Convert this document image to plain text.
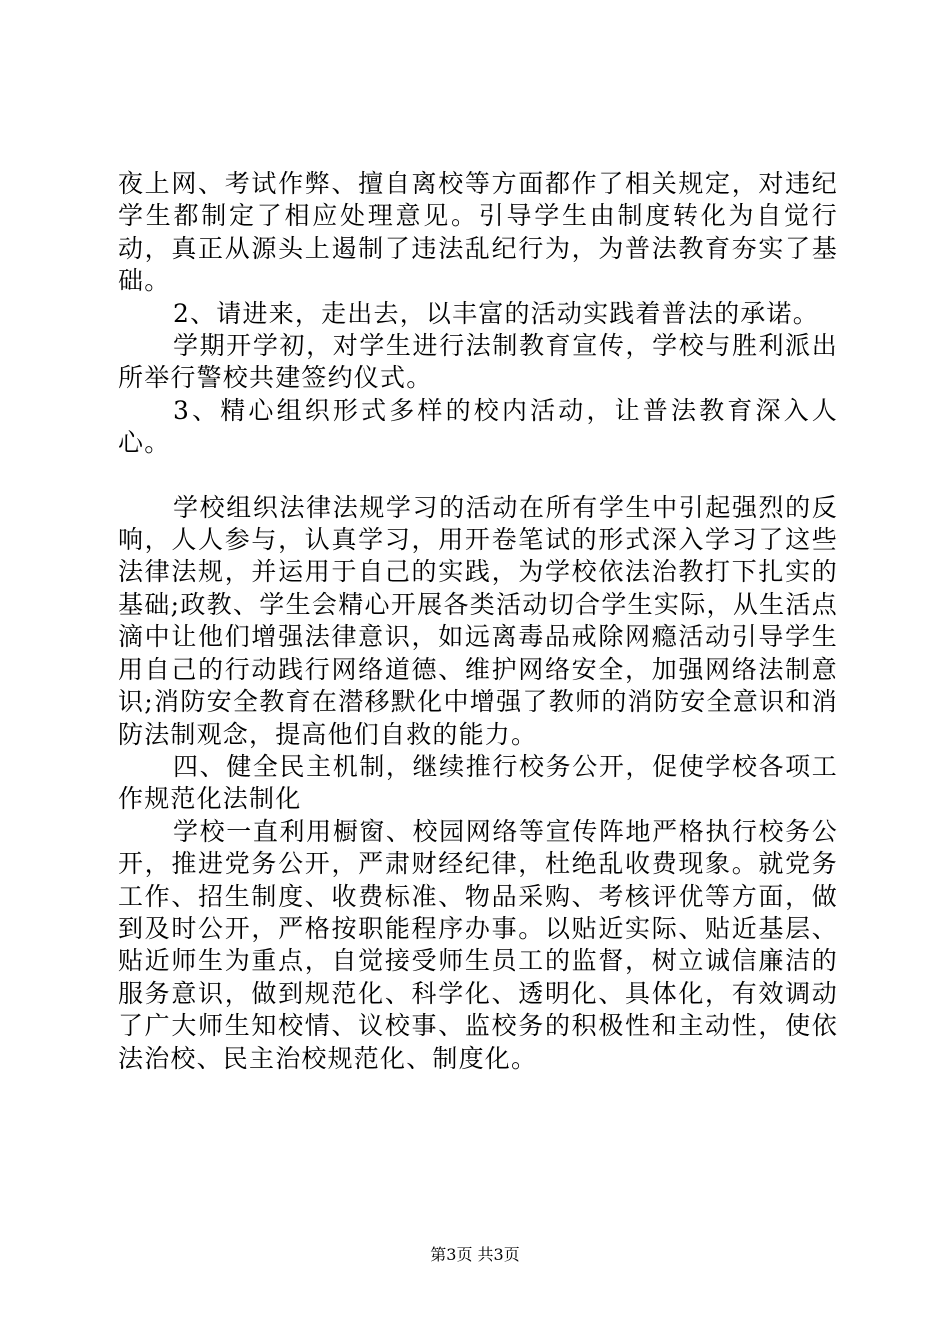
夜上网、考试作弊、擅自离校等方面都作了相关规定，对违纪学生都制定了相应处理意见。引导学生由制度转化为自觉行动，真正从源头上遏制了违法乱纪行为，为普法教育夯实了基础。

2、请进来，走出去，以丰富的活动实践着普法的承诺。

学期开学初，对学生进行法制教育宣传，学校与胜利派出所举行警校共建签约仪式。

3、精心组织形式多样的校内活动，让普法教育深入人心。

学校组织法律法规学习的活动在所有学生中引起强烈的反响，人人参与，认真学习，用开卷笔试的形式深入学习了这些法律法规，并运用于自己的实践，为学校依法治教打下扎实的基础;政教、学生会精心开展各类活动切合学生实际，从生活点滴中让他们增强法律意识，如远离毒品戒除网瘾活动引导学生用自己的行动践行网络道德、维护网络安全，加强网络法制意识;消防安全教育在潜移默化中增强了教师的消防安全意识和消防法制观念，提高他们自救的能力。

四、健全民主机制，继续推行校务公开，促使学校各项工作规范化法制化

学校一直利用橱窗、校园网络等宣传阵地严格执行校务公开，推进党务公开，严肃财经纪律，杜绝乱收费现象。就党务工作、招生制度、收费标准、物品采购、考核评优等方面，做到及时公开，严格按职能程序办事。以贴近实际、贴近基层、贴近师生为重点，自觉接受师生员工的监督，树立诚信廉洁的服务意识，做到规范化、科学化、透明化、具体化，有效调动了广大师生知校情、议校事、监校务的积极性和主动性，使依法治校、民主治校规范化、制度化。

第3页 共3页
